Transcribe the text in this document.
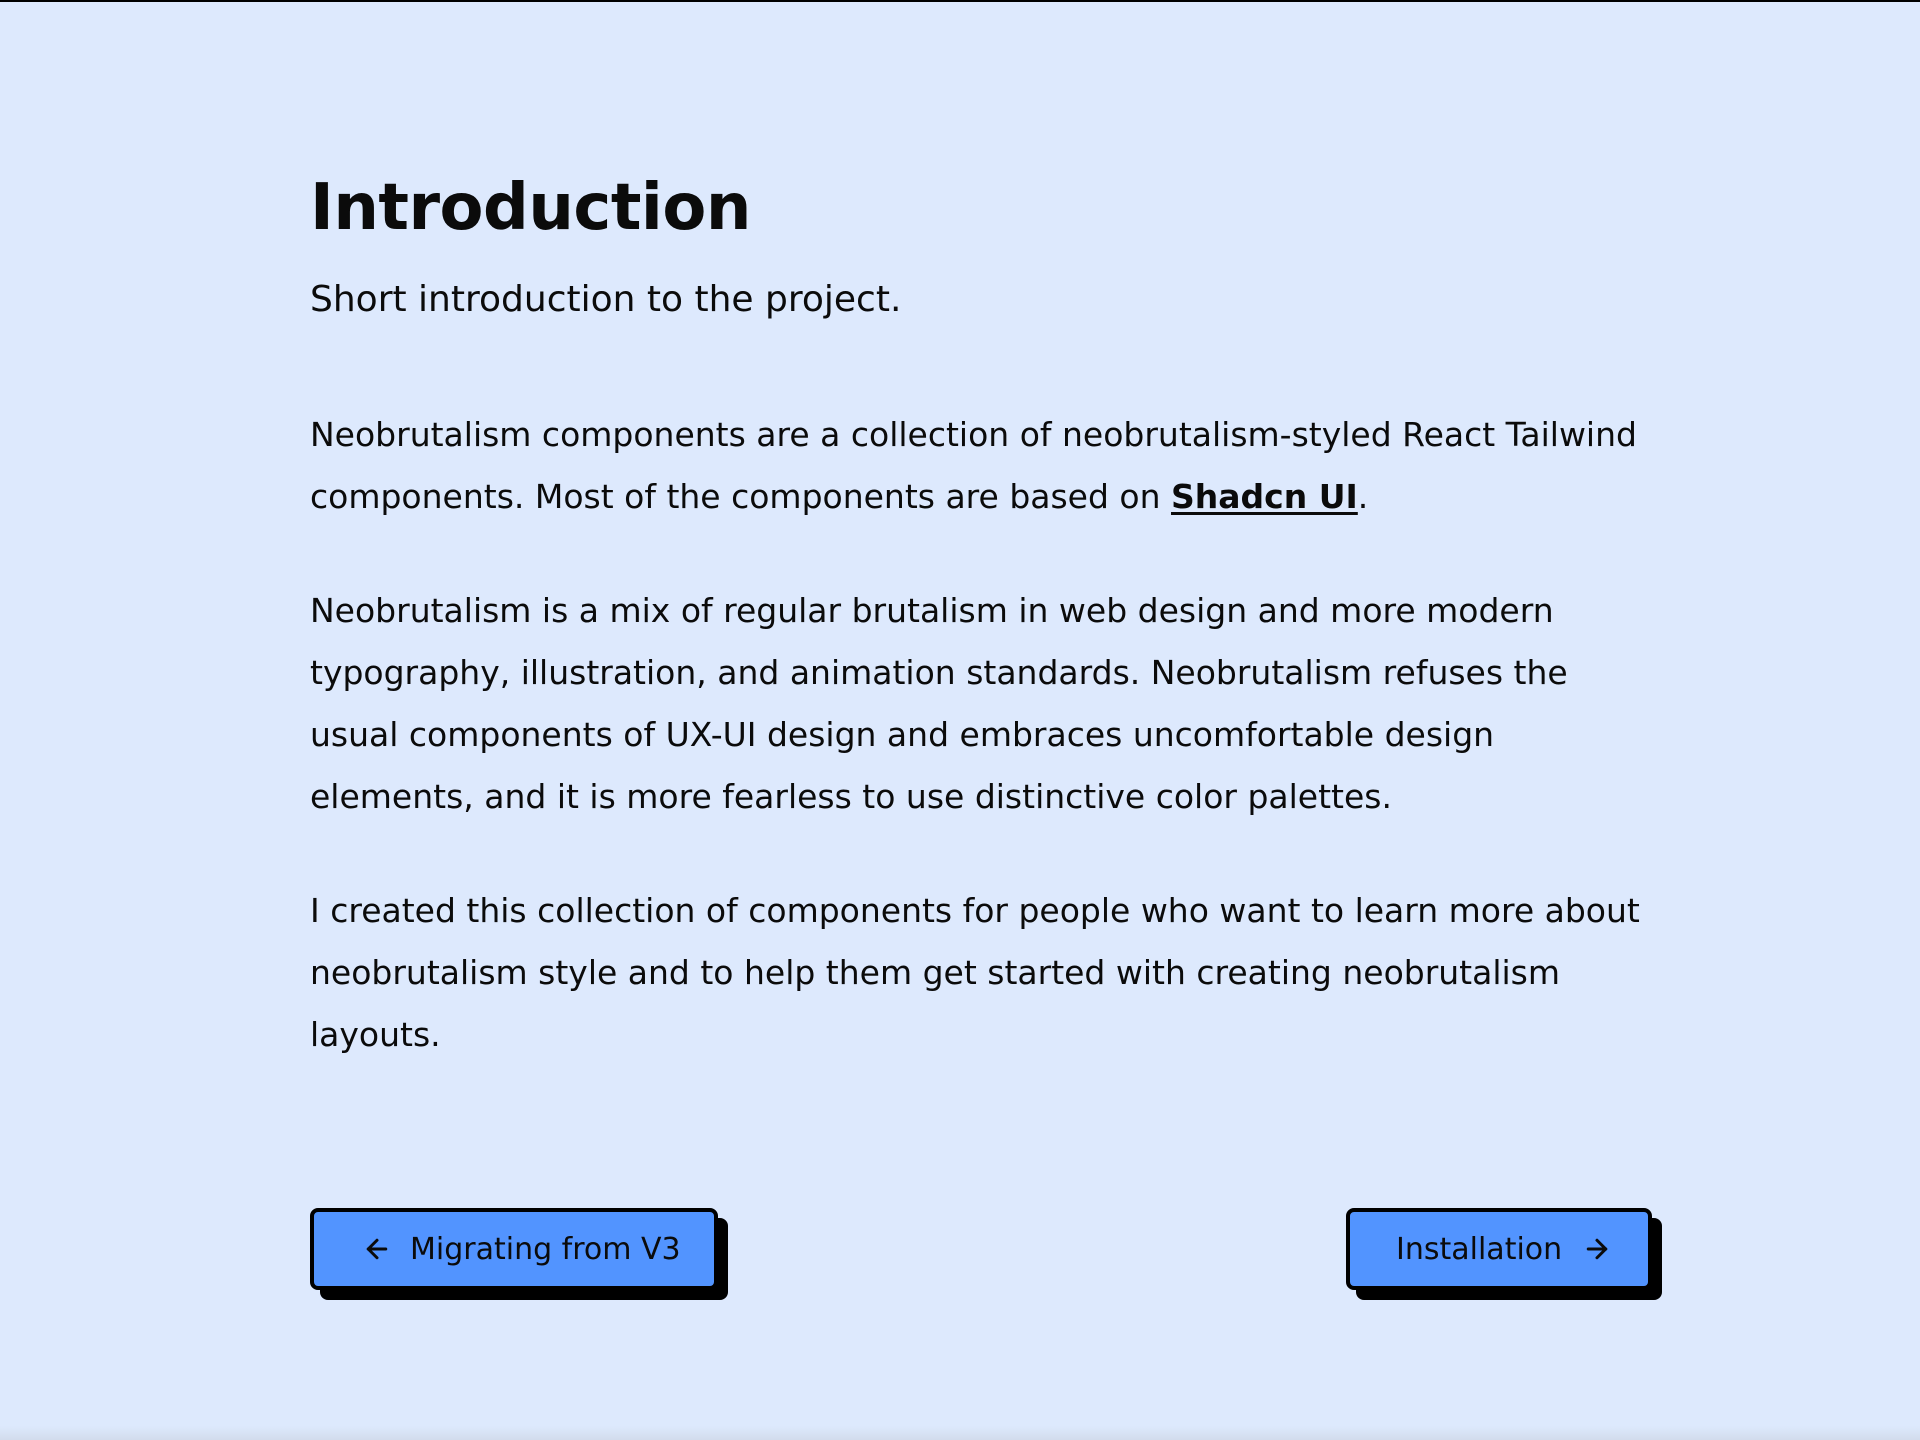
Introduction

Short introduction to the project.

Neobrutalism components are a collection of neobrutalism-styled React Tailwind components. Most of the components are based on Shadcn UI.

Neobrutalism is a mix of regular brutalism in web design and more modern typography, illustration, and animation standards. Neobrutalism refuses the usual components of UX-UI design and embraces uncomfortable design elements, and it is more fearless to use distinctive color palettes.

I created this collection of components for people who want to learn more about neobrutalism style and to help them get started with creating neobrutalism layouts.

Migrating from V3	Installation
